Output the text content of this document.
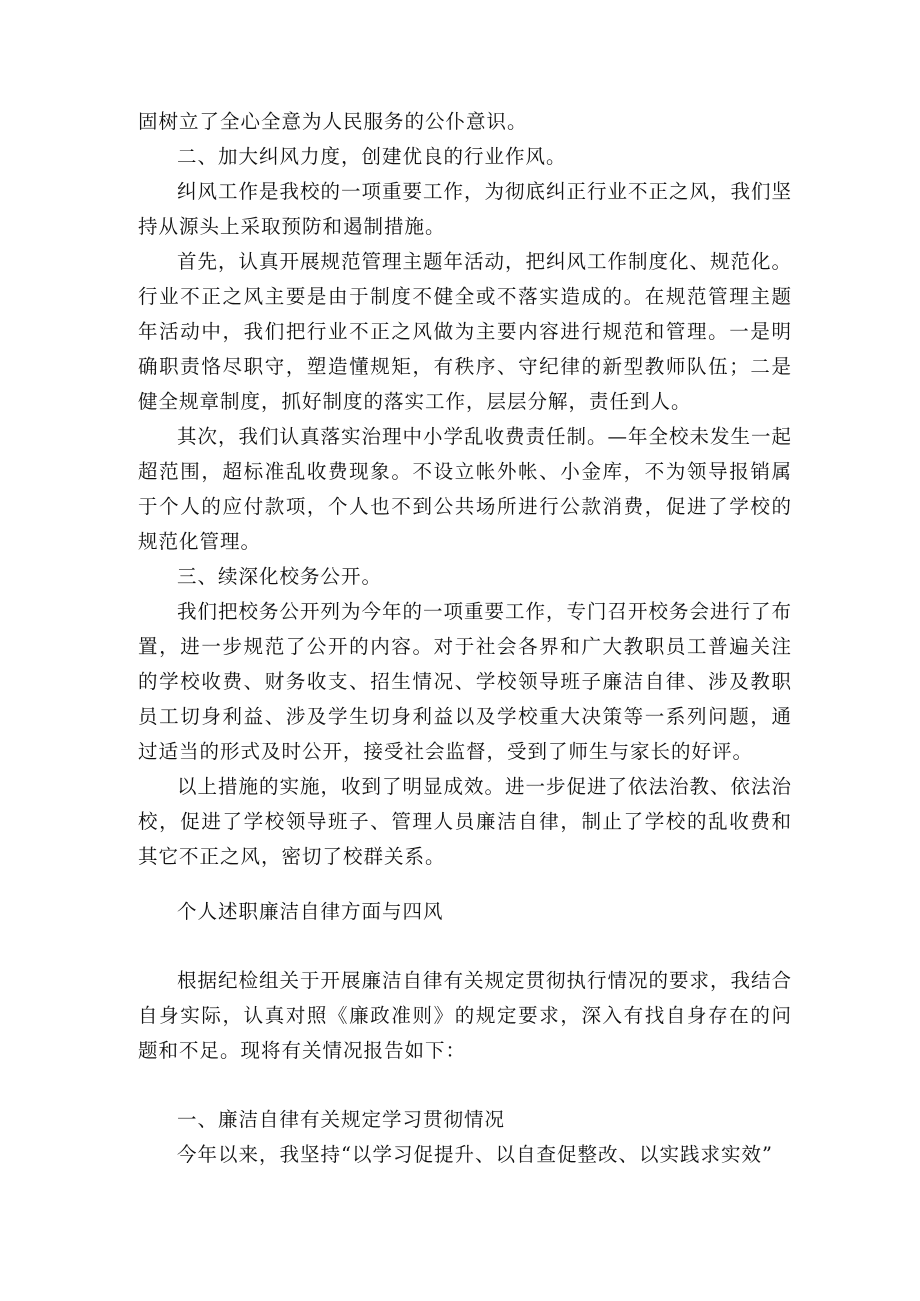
固树立了全心全意为人民服务的公仆意识。

二、加大纠风力度，创建优良的行业作风。

纠风工作是我校的一项重要工作，为彻底纠正行业不正之风，我们坚持从源头上采取预防和遏制措施。

首先，认真开展规范管理主题年活动，把纠风工作制度化、规范化。行业不正之风主要是由于制度不健全或不落实造成的。在规范管理主题年活动中，我们把行业不正之风做为主要内容进行规范和管理。一是明确职责恪尽职守，塑造懂规矩，有秩序、守纪律的新型教师队伍；二是健全规章制度，抓好制度的落实工作，层层分解，责任到人。

其次，我们认真落实治理中小学乱收费责任制。—年全校未发生一起超范围，超标准乱收费现象。不设立帐外帐、小金库，不为领导报销属于个人的应付款项，个人也不到公共场所进行公款消费，促进了学校的规范化管理。

三、续深化校务公开。

我们把校务公开列为今年的一项重要工作，专门召开校务会进行了布置，进一步规范了公开的内容。对于社会各界和广大教职员工普遍关注的学校收费、财务收支、招生情况、学校领导班子廉洁自律、涉及教职员工切身利益、涉及学生切身利益以及学校重大决策等一系列问题，通过适当的形式及时公开，接受社会监督，受到了师生与家长的好评。

以上措施的实施，收到了明显成效。进一步促进了依法治教、依法治校，促进了学校领导班子、管理人员廉洁自律，制止了学校的乱收费和其它不正之风，密切了校群关系。

个人述职廉洁自律方面与四风

根据纪检组关于开展廉洁自律有关规定贯彻执行情况的要求，我结合自身实际，认真对照《廉政准则》的规定要求，深入有找自身存在的问题和不足。现将有关情况报告如下：

一、廉洁自律有关规定学习贯彻情况

今年以来，我坚持“以学习促提升、以自查促整改、以实践求实效”
